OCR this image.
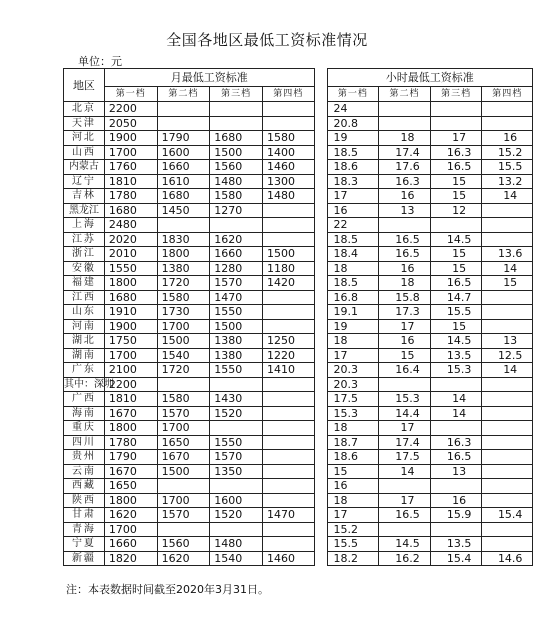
全国各地区最低工资标准情况
单位：元
地区	月最低工资标准					小时最低工资标准			
	第一档	第二档	第三档	第四档		第一档	第二档	第三档	第四档
北京	2200					24			
天津	2050					20.8			
河北	1900	1790	1680	1580		19	18	17	16
山西	1700	1600	1500	1400		18.5	17.4	16.3	15.2
内蒙古	1760	1660	1560	1460		18.6	17.6	16.5	15.5
辽宁	1810	1610	1480	1300		18.3	16.3	15	13.2
吉林	1780	1680	1580	1480		17	16	15	14
黑龙江	1680	1450	1270			16	13	12	
上海	2480					22			
江苏	2020	1830	1620			18.5	16.5	14.5	
浙江	2010	1800	1660	1500		18.4	16.5	15	13.6
安徽	1550	1380	1280	1180		18	16	15	14
福建	1800	1720	1570	1420		18.5	18	16.5	15
江西	1680	1580	1470			16.8	15.8	14.7	
山东	1910	1730	1550			19.1	17.3	15.5	
河南	1900	1700	1500			19	17	15	
湖北	1750	1500	1380	1250		18	16	14.5	13
湖南	1700	1540	1380	1220		17	15	13.5	12.5
广东	2100	1720	1550	1410		20.3	16.4	15.3	14
其中：深圳	2200					20.3			
广西	1810	1580	1430			17.5	15.3	14	
海南	1670	1570	1520			15.3	14.4	14	
重庆	1800	1700				18	17		
四川	1780	1650	1550			18.7	17.4	16.3	
贵州	1790	1670	1570			18.6	17.5	16.5	
云南	1670	1500	1350			15	14	13	
西藏	1650					16			
陕西	1800	1700	1600			18	17	16	
甘肃	1620	1570	1520	1470		17	16.5	15.9	15.4
青海	1700					15.2			
宁夏	1660	1560	1480			15.5	14.5	13.5	
新疆	1820	1620	1540	1460		18.2	16.2	15.4	14.6
注：本表数据时间截至2020年3月31日。
